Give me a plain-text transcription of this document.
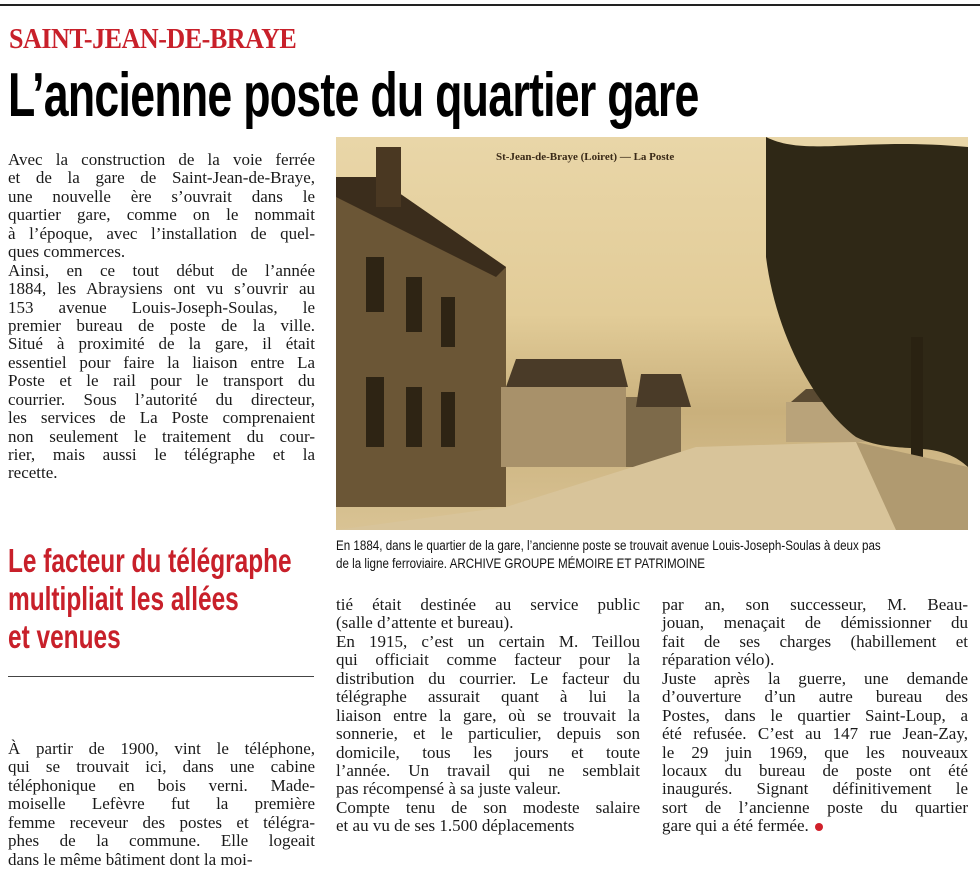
SAINT-JEAN-DE-BRAYE
L’ancienne poste du quartier gare
Avec la construction de la voie ferrée
et de la gare de Saint-Jean-de-Braye,
une nouvelle ère s’ouvrait dans le
quartier gare, comme on le nommait
à l’époque, avec l’installation de quel-
ques commerces.
Ainsi, en ce tout début de l’année
1884, les Abraysiens ont vu s’ouvrir au
153 avenue Louis-Joseph-Soulas, le
premier bureau de poste de la ville.
Situé à proximité de la gare, il était
essentiel pour faire la liaison entre La
Poste et le rail pour le transport du
courrier. Sous l’autorité du directeur,
les services de La Poste comprenaient
non seulement le traitement du cour-
rier, mais aussi le télégraphe et la
recette.
St-Jean-de-Braye (Loiret) — La Poste
En 1884, dans le quartier de la gare, l’ancienne poste se trouvait avenue Louis-Joseph-Soulas à deux pas
de la ligne ferroviaire. ARCHIVE GROUPE MÉMOIRE ET PATRIMOINE
Le facteur du télégraphe
multipliait les allées
et venues
À partir de 1900, vint le téléphone,
qui se trouvait ici, dans une cabine
téléphonique en bois verni. Made-
moiselle Lefèvre fut la première
femme receveur des postes et télégra-
phes de la commune. Elle logeait
dans le même bâtiment dont la moi-
tié était destinée au service public
(salle d’attente et bureau).
En 1915, c’est un certain M. Teillou
qui officiait comme facteur pour la
distribution du courrier. Le facteur du
télégraphe assurait quant à lui la
liaison entre la gare, où se trouvait la
sonnerie, et le particulier, depuis son
domicile, tous les jours et toute
l’année. Un travail qui ne semblait
pas récompensé à sa juste valeur.
Compte tenu de son modeste salaire
et au vu de ses 1.500 déplacements
par an, son successeur, M. Beau-
jouan, menaçait de démissionner du
fait de ses charges (habillement et
réparation vélo).
Juste après la guerre, une demande
d’ouverture d’un autre bureau des
Postes, dans le quartier Saint-Loup, a
été refusée. C’est au 147 rue Jean-Zay,
le 29 juin 1969, que les nouveaux
locaux du bureau de poste ont été
inaugurés. Signant définitivement le
sort de l’ancienne poste du quartier
gare qui a été fermée.
